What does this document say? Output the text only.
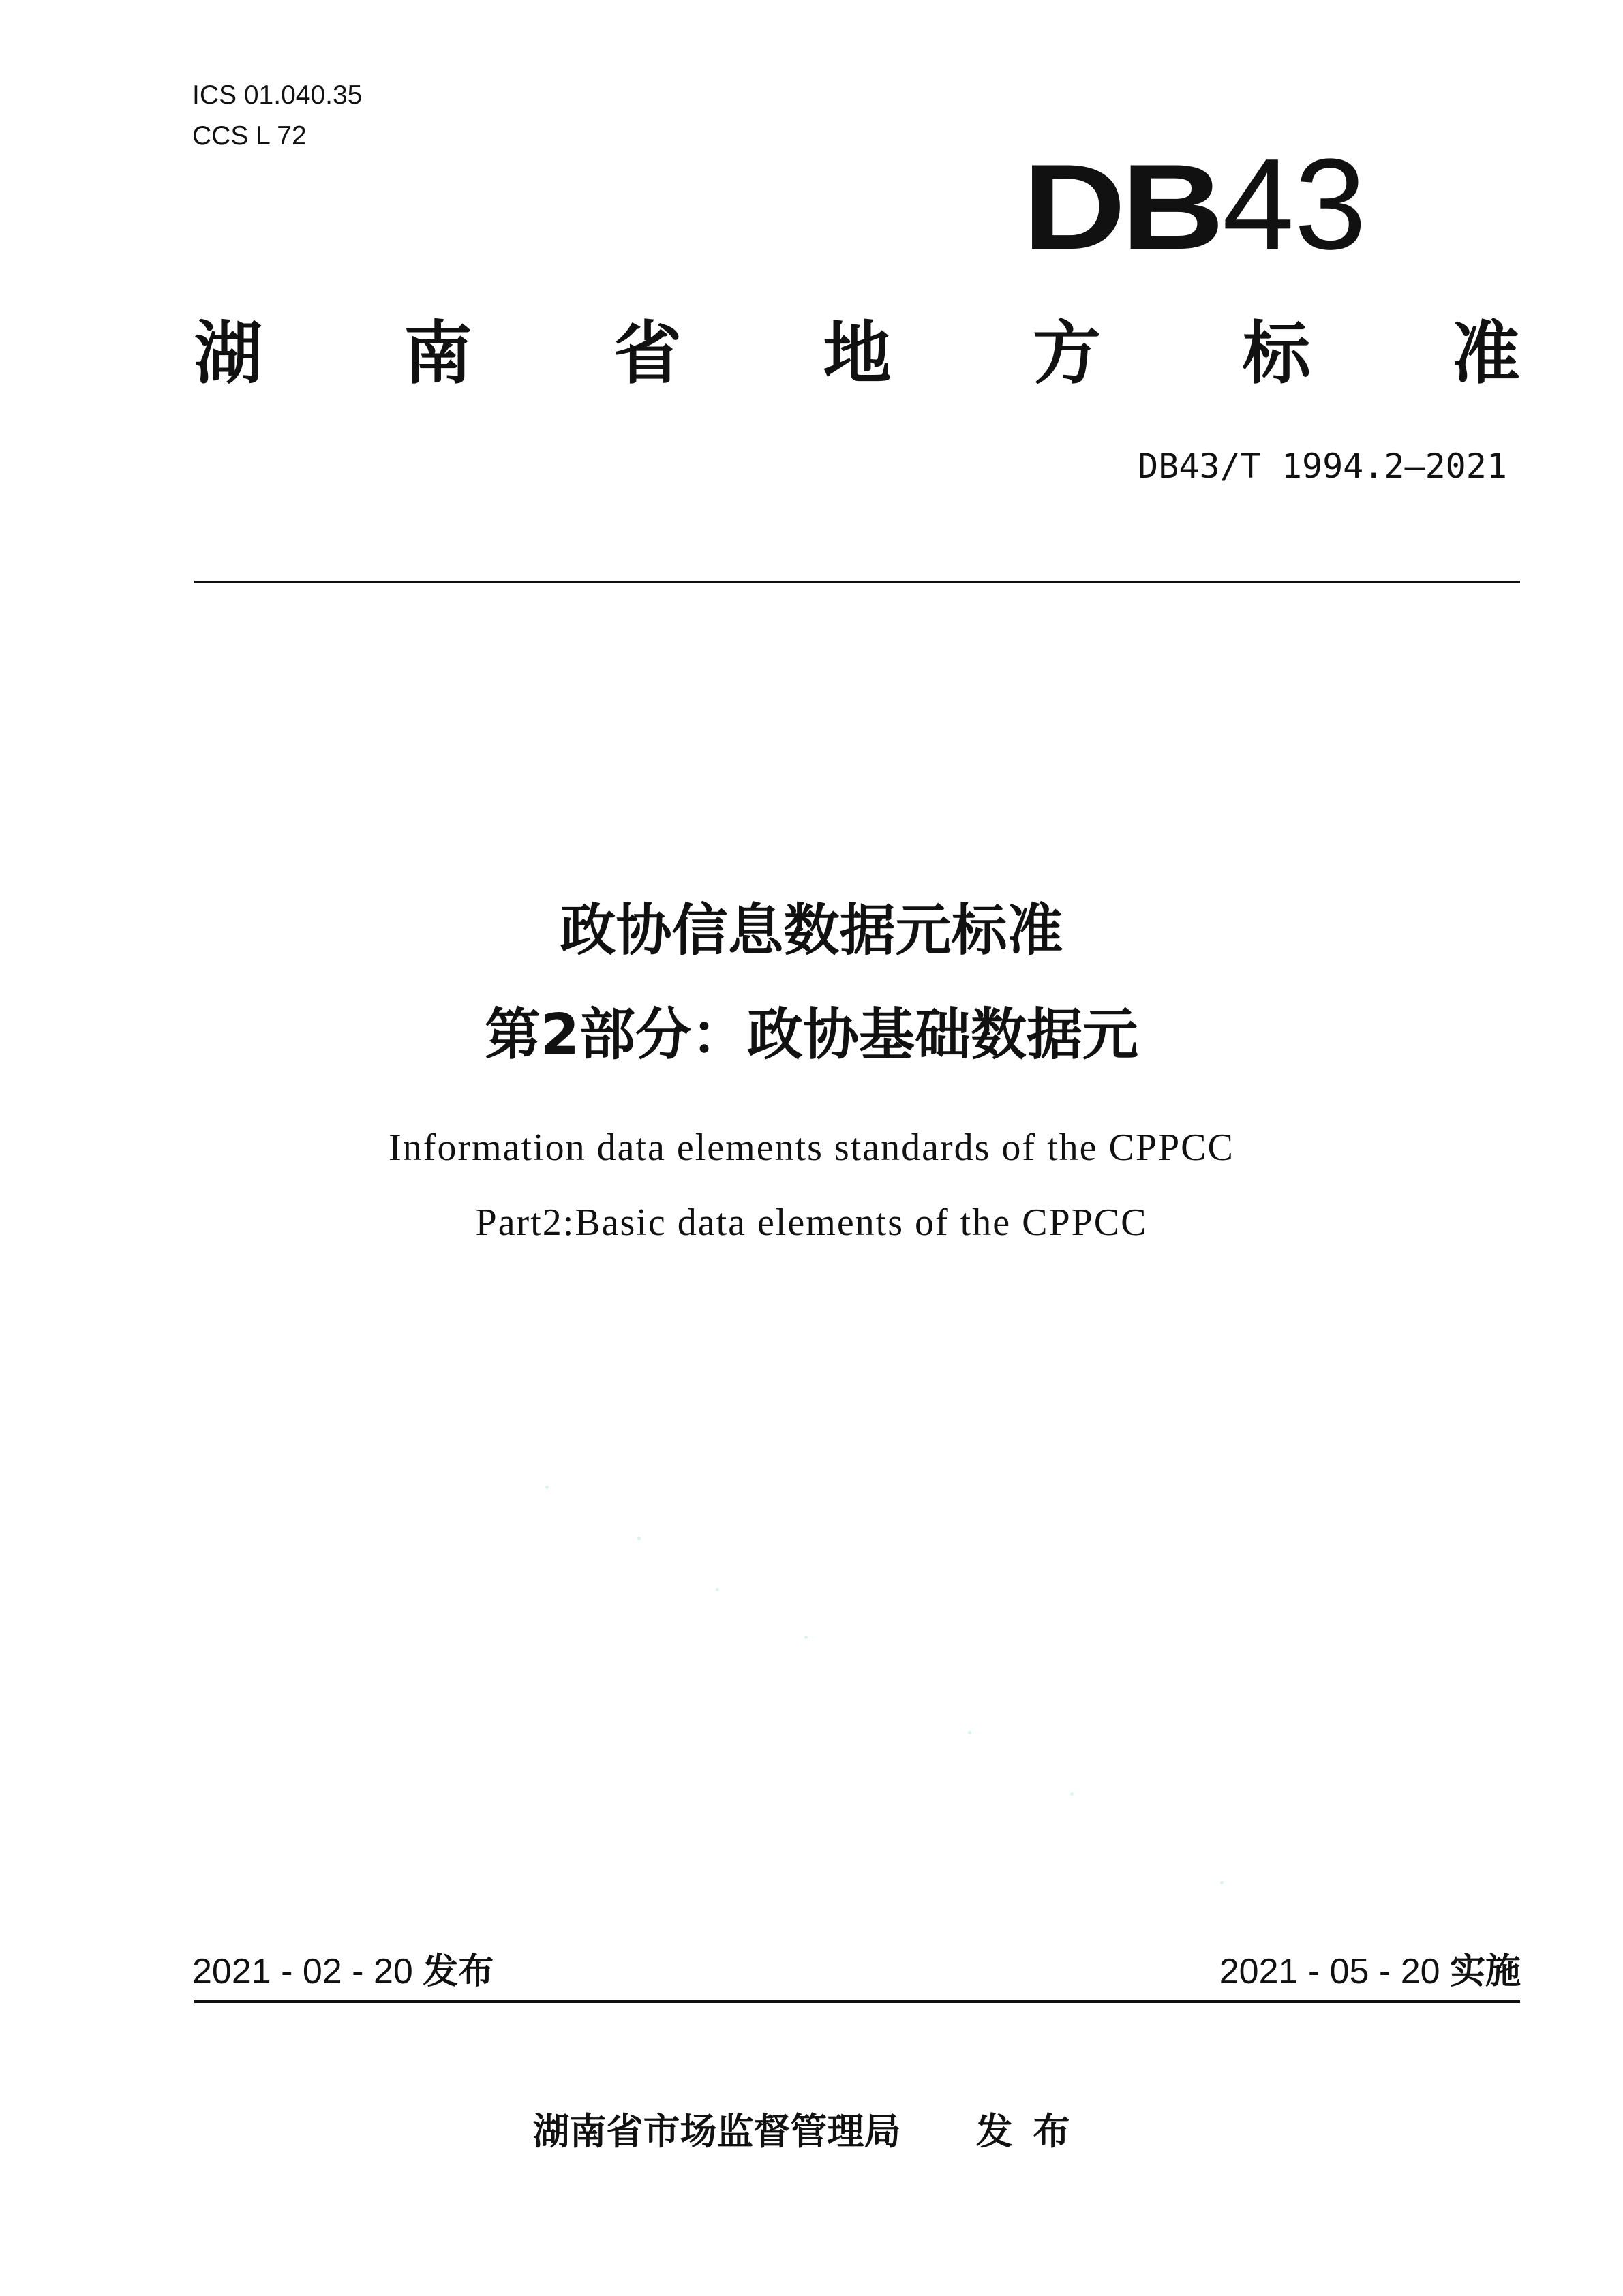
ICS 01.040.35
CCS L 72
DB43
湖 南 省 地 方 标 准
DB43/T 1994.2—2021
政协信息数据元标准
第2部分：政协基础数据元
Information data elements standards of the CPPCC
Part2:Basic data elements of the CPPCC
2021 - 02 - 20 发布	2021 - 05 - 20 实施
湖南省市场监督管理局 发布
